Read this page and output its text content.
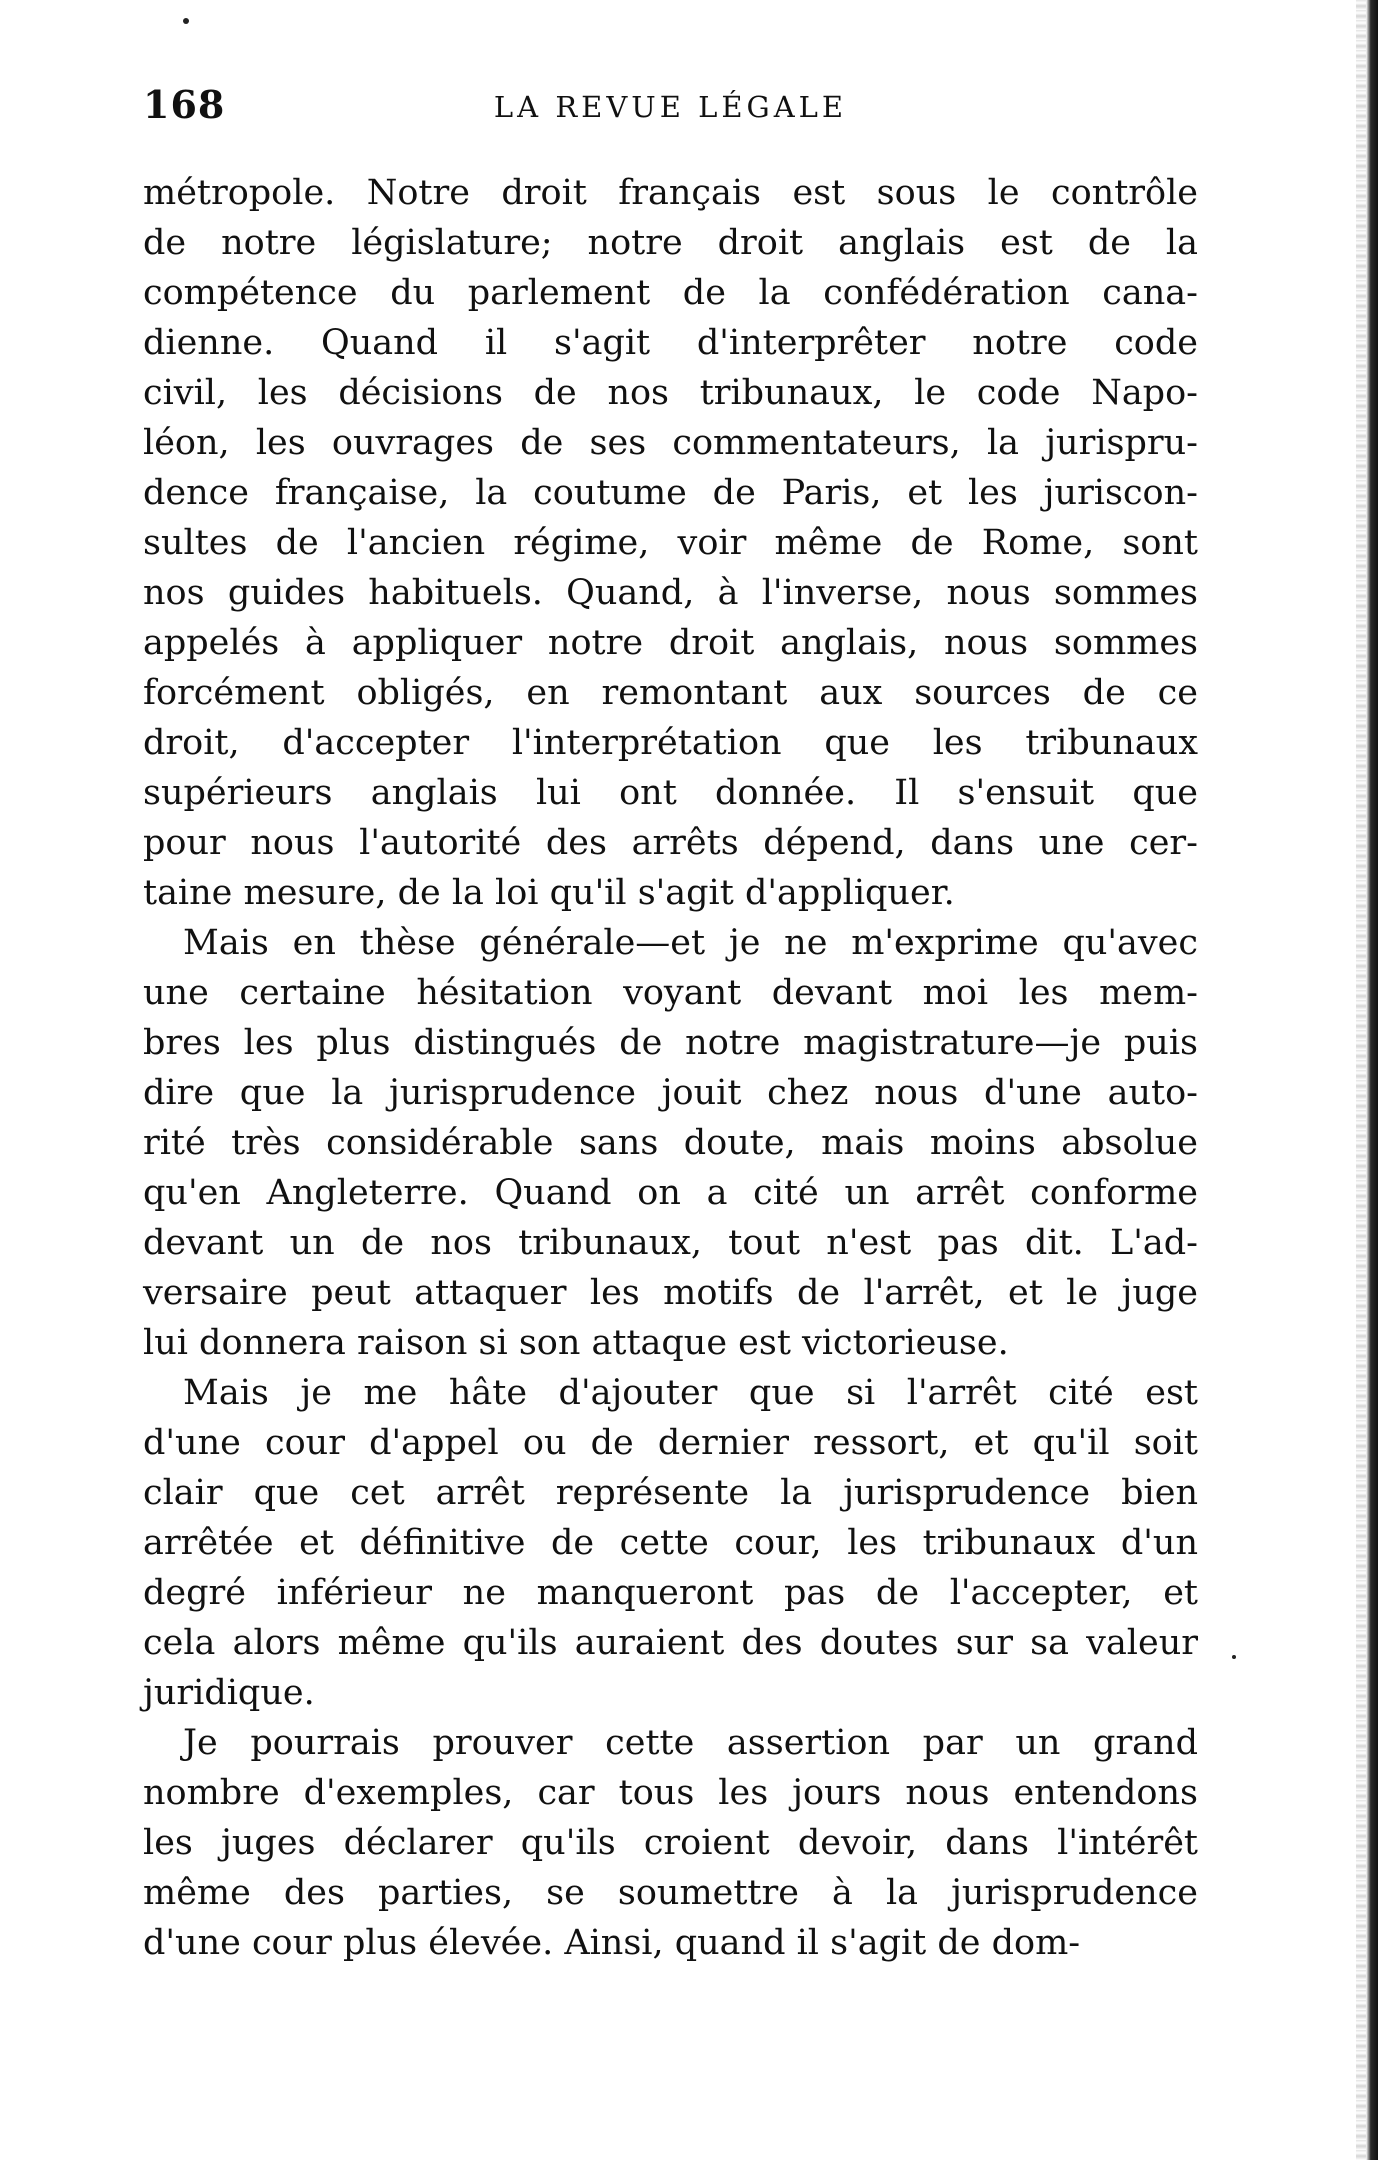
168	LA REVUE LÉGALE
métropole. Notre droit français est sous le contrôle
de notre législature; notre droit anglais est de la
compétence du parlement de la confédération cana-
dienne. Quand il s'agit d'interprêter notre code
civil, les décisions de nos tribunaux, le code Napo-
léon, les ouvrages de ses commentateurs, la jurispru-
dence française, la coutume de Paris, et les juriscon-
sultes de l'ancien régime, voir même de Rome, sont
nos guides habituels. Quand, à l'inverse, nous sommes
appelés à appliquer notre droit anglais, nous sommes
forcément obligés, en remontant aux sources de ce
droit, d'accepter l'interprétation que les tribunaux
supérieurs anglais lui ont donnée. Il s'ensuit que
pour nous l'autorité des arrêts dépend, dans une cer-
taine mesure, de la loi qu'il s'agit d'appliquer.
Mais en thèse générale—et je ne m'exprime qu'avec
une certaine hésitation voyant devant moi les mem-
bres les plus distingués de notre magistrature—je puis
dire que la jurisprudence jouit chez nous d'une auto-
rité très considérable sans doute, mais moins absolue
qu'en Angleterre. Quand on a cité un arrêt conforme
devant un de nos tribunaux, tout n'est pas dit. L'ad-
versaire peut attaquer les motifs de l'arrêt, et le juge
lui donnera raison si son attaque est victorieuse.
Mais je me hâte d'ajouter que si l'arrêt cité est
d'une cour d'appel ou de dernier ressort, et qu'il soit
clair que cet arrêt représente la jurisprudence bien
arrêtée et définitive de cette cour, les tribunaux d'un
degré inférieur ne manqueront pas de l'accepter, et
cela alors même qu'ils auraient des doutes sur sa valeur
juridique.
Je pourrais prouver cette assertion par un grand
nombre d'exemples, car tous les jours nous entendons
les juges déclarer qu'ils croient devoir, dans l'intérêt
même des parties, se soumettre à la jurisprudence
d'une cour plus élevée. Ainsi, quand il s'agit de dom-
